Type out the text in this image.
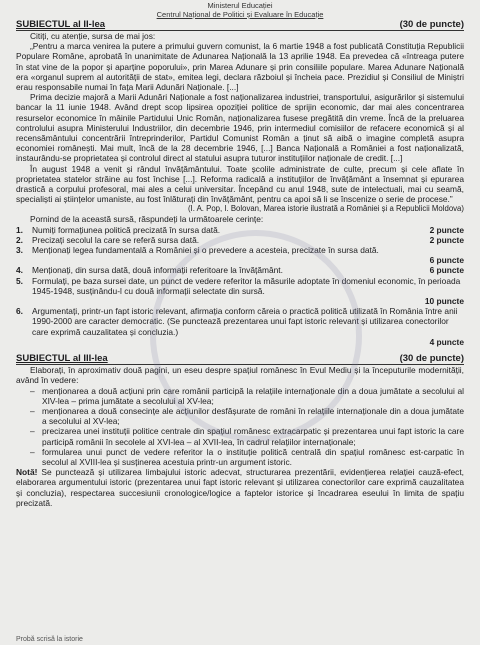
Ministerul Educației
Centrul Național de Politici și Evaluare în Educație
SUBIECTUL al II-lea	(30 de puncte)
Citiți, cu atenție, sursa de mai jos:
„Pentru a marca venirea la putere a primului guvern comunist, la 6 martie 1948 a fost publicată Constituția Republicii Populare Române, aprobată în unanimitate de Adunarea Națională la 13 aprilie 1948. Ea prevedea că «întreaga putere în stat vine de la popor și aparține poporului», prin Marea Adunare și prin consiliile populare. Marea Adunare Națională era «organul suprem al autorității de stat», emitea legi, declara războiul și încheia pace. Prezidiul și Consiliul de Miniștri erau responsabile numai în fața Marii Adunări Naționale. [...]
Prima decizie majoră a Marii Adunări Naționale a fost naționalizarea industriei, transportului, asigurărilor și sistemului bancar la 11 iunie 1948. Având drept scop lipsirea opoziției politice de sprijin economic, dar mai ales concentrarea resurselor economice în mâinile Partidului Unic Român, naționalizarea fusese pregătită din vreme. Încă de la preluarea controlului asupra Ministerului Industriilor, din decembrie 1946, prin intermediul comisiilor de refacere economică și al recensământului concentrării întreprinderilor, Partidul Comunist Român a ținut să aibă o imagine completă asupra economiei românești. Mai mult, încă de la 28 decembrie 1946, [...] Banca Națională a României a fost naționalizată, instaurându-se proprietatea și controlul direct al statului asupra tuturor instituțiilor naționale de credit. [...]
În august 1948 a venit și rândul învățământului. Toate școlile administrate de culte, precum și cele aflate în proprietatea statelor străine au fost închise [...]. Reforma radicală a instituțiilor de învățământ a însemnat și epurarea drastică a corpului profesoral, mai ales a celui universitar. Începând cu anul 1948, sute de intelectuali, mai cu seamă, specialiști ai științelor umaniste, au fost înlăturați din învățământ, pentru ca apoi să li se înscenize o serie de procese.”
(I. A. Pop, I. Bolovan, Marea istorie ilustrată a României și a Republicii Moldova)
Pornind de la această sursă, răspundeți la următoarele cerințe:
1.	Numiți formațiunea politică precizată în sursa dată.	2 puncte
2.	Precizați secolul la care se referă sursa dată.	2 puncte
3.	Menționați legea fundamentală a României și o prevedere a acesteia, precizate în sursa dată.
6 puncte
4.	Menționați, din sursa dată, două informații referitoare la învățământ.	6 puncte
5.	Formulați, pe baza sursei date, un punct de vedere referitor la măsurile adoptate în domeniul economic, în perioada 1945-1948, susținându-l cu două informații selectate din sursă.
10 puncte
6.	Argumentați, printr-un fapt istoric relevant, afirmația conform căreia o practică politică utilizată în România între anii 1990-2000 are caracter democratic. (Se punctează prezentarea unui fapt istoric relevant și utilizarea conectorilor care exprimă cauzalitatea și concluzia.)
4 puncte
SUBIECTUL al III-lea	(30 de puncte)
Elaborați, în aproximativ două pagini, un eseu despre spațiul românesc în Evul Mediu și la începuturile modernității, având în vedere:
– menționarea a două acțiuni prin care românii participă la relațiile internaționale din a doua jumătate a secolului al XIV-lea – prima jumătate a secolului al XV-lea;
– menționarea a două consecințe ale acțiunilor desfășurate de români în relațiile internaționale din a doua jumătate a secolului al XV-lea;
– precizarea unei instituții politice centrale din spațiul românesc extracarpatic și prezentarea unui fapt istoric la care participă românii în secolele al XVI-lea – al XVII-lea, în cadrul relațiilor internaționale;
– formularea unui punct de vedere referitor la o instituție politică centrală din spațiul românesc est-carpatic în secolul al XVIII-lea și susținerea acestuia printr-un argument istoric.
Notă! Se punctează și utilizarea limbajului istoric adecvat, structurarea prezentării, evidențierea relației cauză-efect, elaborarea argumentului istoric (prezentarea unui fapt istoric relevant și utilizarea conectorilor care exprimă cauzalitatea și concluzia), respectarea succesiunii cronologice/logice a faptelor istorice și încadrarea eseului în limita de spațiu precizată.
Probă scrisă la istorie
